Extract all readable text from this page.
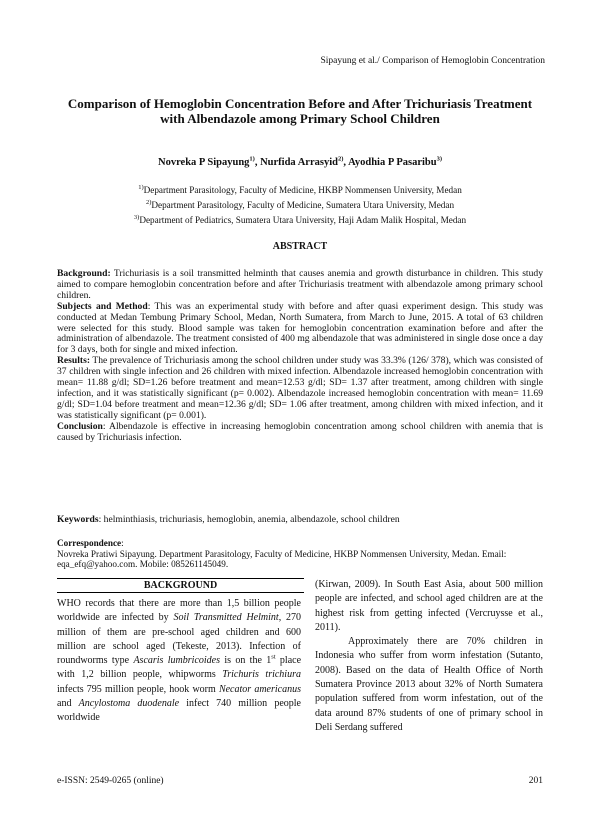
Sipayung et al./ Comparison of Hemoglobin Concentration
Comparison of Hemoglobin Concentration Before and After Trichuriasis Treatment with Albendazole among Primary School Children
Novreka P Sipayung$^{1)}$, Nurfida Arrasyid$^{2)}$, Ayodhia P Pasaribu$^{3)}$
$^{1)}$Department Parasitology, Faculty of Medicine, HKBP Nommensen University, Medan
$^{2)}$Department Parasitology, Faculty of Medicine, Sumatera Utara University, Medan
$^{3)}$Department of Pediatrics, Sumatera Utara University, Haji Adam Malik Hospital, Medan
ABSTRACT

Background: Trichuriasis is a soil transmitted helminth that causes anemia and growth disturbance in children. This study aimed to compare hemoglobin concentration before and after Trichuriasis treatment with albendazole among primary school children.

Subjects and Method: This was an experimental study with before and after quasi experiment design. This study was conducted at Medan Tembung Primary School, Medan, North Sumatera, from March to June, 2015. A total of 63 children were selected for this study. Blood sample was taken for hemoglobin concentration examination before and after the administration of albendazole. The treatment consisted of 400 mg albendazole that was administered in single dose once a day for 3 days, both for single and mixed infection.

Results: The prevalence of Trichuriasis among the school children under study was 33.3% (126/ 378), which was consisted of 37 children with single infection and 26 children with mixed infection. Albendazole increased hemoglobin concentration with mean= 11.88 g/dl; SD=1.26 before treatment and mean=12.53 g/dl; SD= 1.37 after treatment, among children with single infection, and it was statistically significant (p= 0.002). Albendazole increased hemoglobin concentration with mean= 11.69 g/dl; SD=1.04 before treatment and mean=12.36 g/dl; SD= 1.06 after treatment, among children with mixed infection, and it was statistically significant (p= 0.001).

Conclusion: Albendazole is effective in increasing hemoglobin concentration among school children with anemia that is caused by Trichuriasis infection.

Keywords: helminthiasis, trichuriasis, hemoglobin, anemia, albendazole, school children

Correspondence:

Novreka Pratiwi Sipayung. Department Parasitology, Faculty of Medicine, HKBP Nommensen University, Medan. Email: eqa_efq@yahoo.com. Mobile: 085261145049.

BACKGROUND

WHO records that there are more than 1,5 billion people worldwide are infected by Soil Transmitted Helmint, 270 million of them are pre-school aged children and 600 million are school aged (Tekeste, 2013). Infection of roundworms type Ascaris lumbricoides is on the 1st place with 1,2 billion people, whipworms Trichuris trichiura infects 795 million people, hook worm Necator americanus and Ancylostoma duodenale infect 740 million people worldwide

(Kirwan, 2009). In South East Asia, about 500 million people are infected, and school aged children are at the highest risk from getting infected (Vercruysse et al., 2011).

Approximately there are 70% children in Indonesia who suffer from worm infestation (Sutanto, 2008). Based on the data of Health Office of North Sumatera Province 2013 about 32% of North Sumatera population suffered from worm infestation, out of the data around 87% students of one of primary school in Deli Serdang suffered

e-ISSN: 2549-0265 (online)	201
